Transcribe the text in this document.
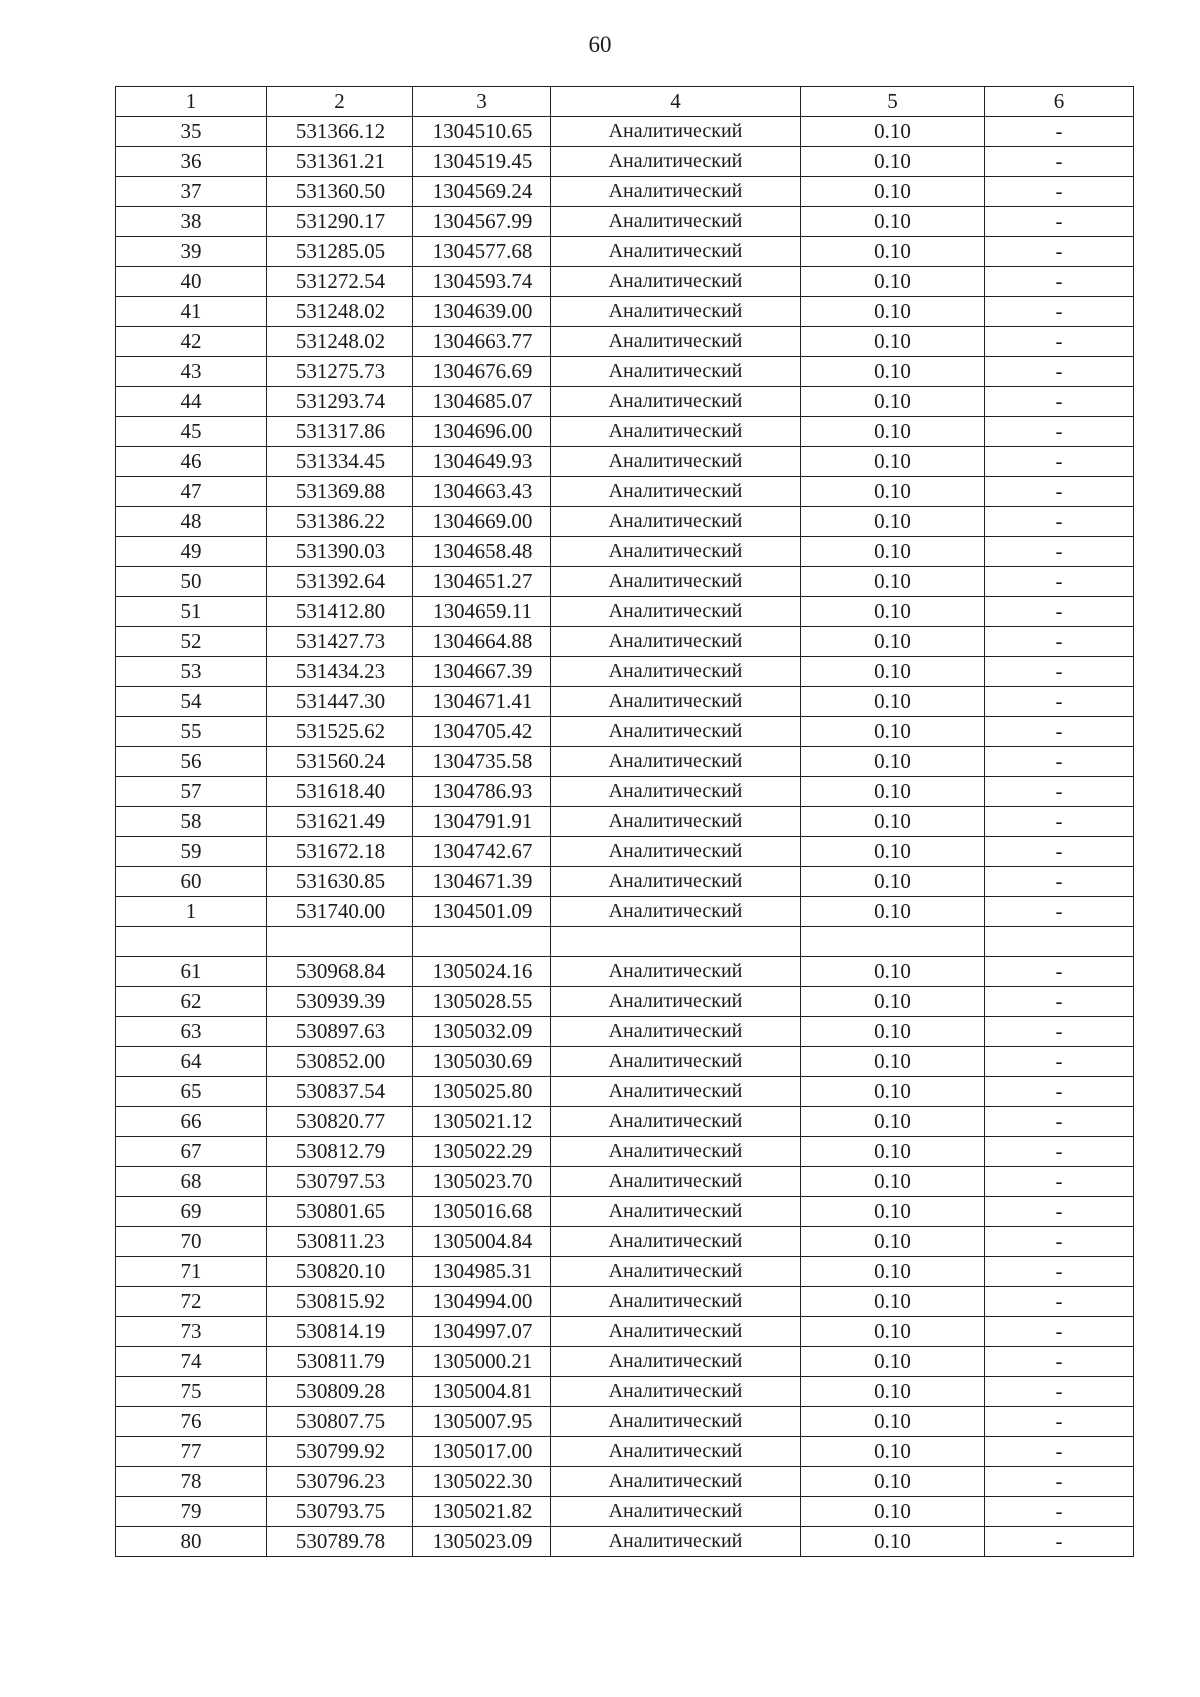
60
1	2	3	4	5	6
35	531366.12	1304510.65	Аналитический	0.10	-
36	531361.21	1304519.45	Аналитический	0.10	-
37	531360.50	1304569.24	Аналитический	0.10	-
38	531290.17	1304567.99	Аналитический	0.10	-
39	531285.05	1304577.68	Аналитический	0.10	-
40	531272.54	1304593.74	Аналитический	0.10	-
41	531248.02	1304639.00	Аналитический	0.10	-
42	531248.02	1304663.77	Аналитический	0.10	-
43	531275.73	1304676.69	Аналитический	0.10	-
44	531293.74	1304685.07	Аналитический	0.10	-
45	531317.86	1304696.00	Аналитический	0.10	-
46	531334.45	1304649.93	Аналитический	0.10	-
47	531369.88	1304663.43	Аналитический	0.10	-
48	531386.22	1304669.00	Аналитический	0.10	-
49	531390.03	1304658.48	Аналитический	0.10	-
50	531392.64	1304651.27	Аналитический	0.10	-
51	531412.80	1304659.11	Аналитический	0.10	-
52	531427.73	1304664.88	Аналитический	0.10	-
53	531434.23	1304667.39	Аналитический	0.10	-
54	531447.30	1304671.41	Аналитический	0.10	-
55	531525.62	1304705.42	Аналитический	0.10	-
56	531560.24	1304735.58	Аналитический	0.10	-
57	531618.40	1304786.93	Аналитический	0.10	-
58	531621.49	1304791.91	Аналитический	0.10	-
59	531672.18	1304742.67	Аналитический	0.10	-
60	531630.85	1304671.39	Аналитический	0.10	-
1	531740.00	1304501.09	Аналитический	0.10	-

61	530968.84	1305024.16	Аналитический	0.10	-
62	530939.39	1305028.55	Аналитический	0.10	-
63	530897.63	1305032.09	Аналитический	0.10	-
64	530852.00	1305030.69	Аналитический	0.10	-
65	530837.54	1305025.80	Аналитический	0.10	-
66	530820.77	1305021.12	Аналитический	0.10	-
67	530812.79	1305022.29	Аналитический	0.10	-
68	530797.53	1305023.70	Аналитический	0.10	-
69	530801.65	1305016.68	Аналитический	0.10	-
70	530811.23	1305004.84	Аналитический	0.10	-
71	530820.10	1304985.31	Аналитический	0.10	-
72	530815.92	1304994.00	Аналитический	0.10	-
73	530814.19	1304997.07	Аналитический	0.10	-
74	530811.79	1305000.21	Аналитический	0.10	-
75	530809.28	1305004.81	Аналитический	0.10	-
76	530807.75	1305007.95	Аналитический	0.10	-
77	530799.92	1305017.00	Аналитический	0.10	-
78	530796.23	1305022.30	Аналитический	0.10	-
79	530793.75	1305021.82	Аналитический	0.10	-
80	530789.78	1305023.09	Аналитический	0.10	-
